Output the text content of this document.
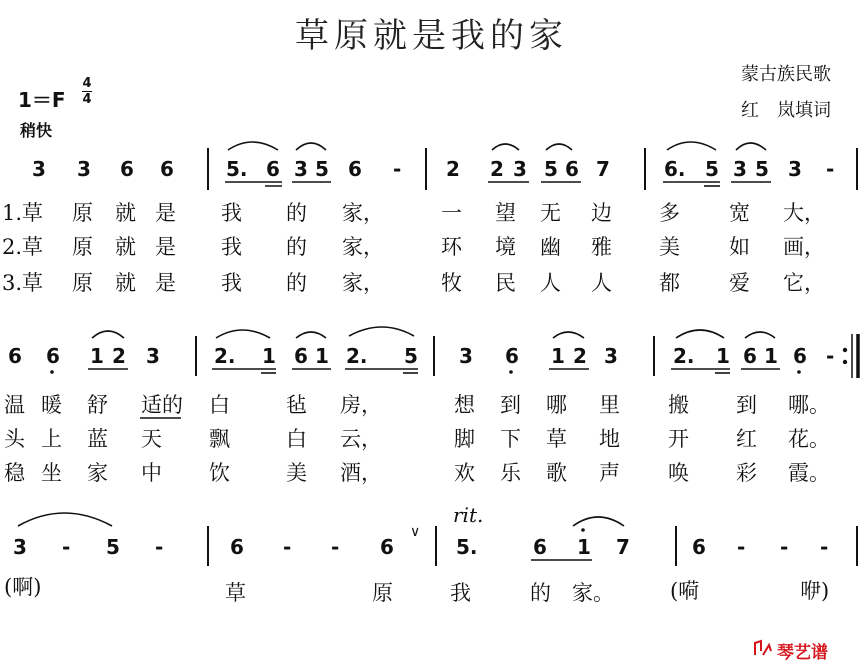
草原就是我的家
蒙古族民歌
红　岚填词
1＝F
4
4
稍快
3 3 6 6	5. 6 3 5 6 - 2 2 3 5 6 7	6. 5 3 5 3 -
1.草 原 就 是 我 的 家，	一 望 无 边 多 宽 大，
2.草 原 就 是 我 的 家，	环 境 幽 雅 美 如 画，
3.草 原 就 是 我 的 家，	牧 民 人 人 都 爱 它，
6 6 1 2 3	2. 1 6 1 2. 5 3 6 1 2 3	2. 1 6 1 6 -
温 暖 舒 适的 白	毡 房，	想 到 哪 里 搬 到 哪。
头 上 蓝 天 飘	白 云，	脚 下 草 地 开 红 花。
稳 坐 家 中 饮	美 酒，	欢 乐 歌 声 唤 彩 霞。
3 - 5 -	6 - - 6	5.	6 1 7	6 - - -
∨
rit.
(啊)	草	原	我	的 家。	(嗬	咿)
琴艺谱
